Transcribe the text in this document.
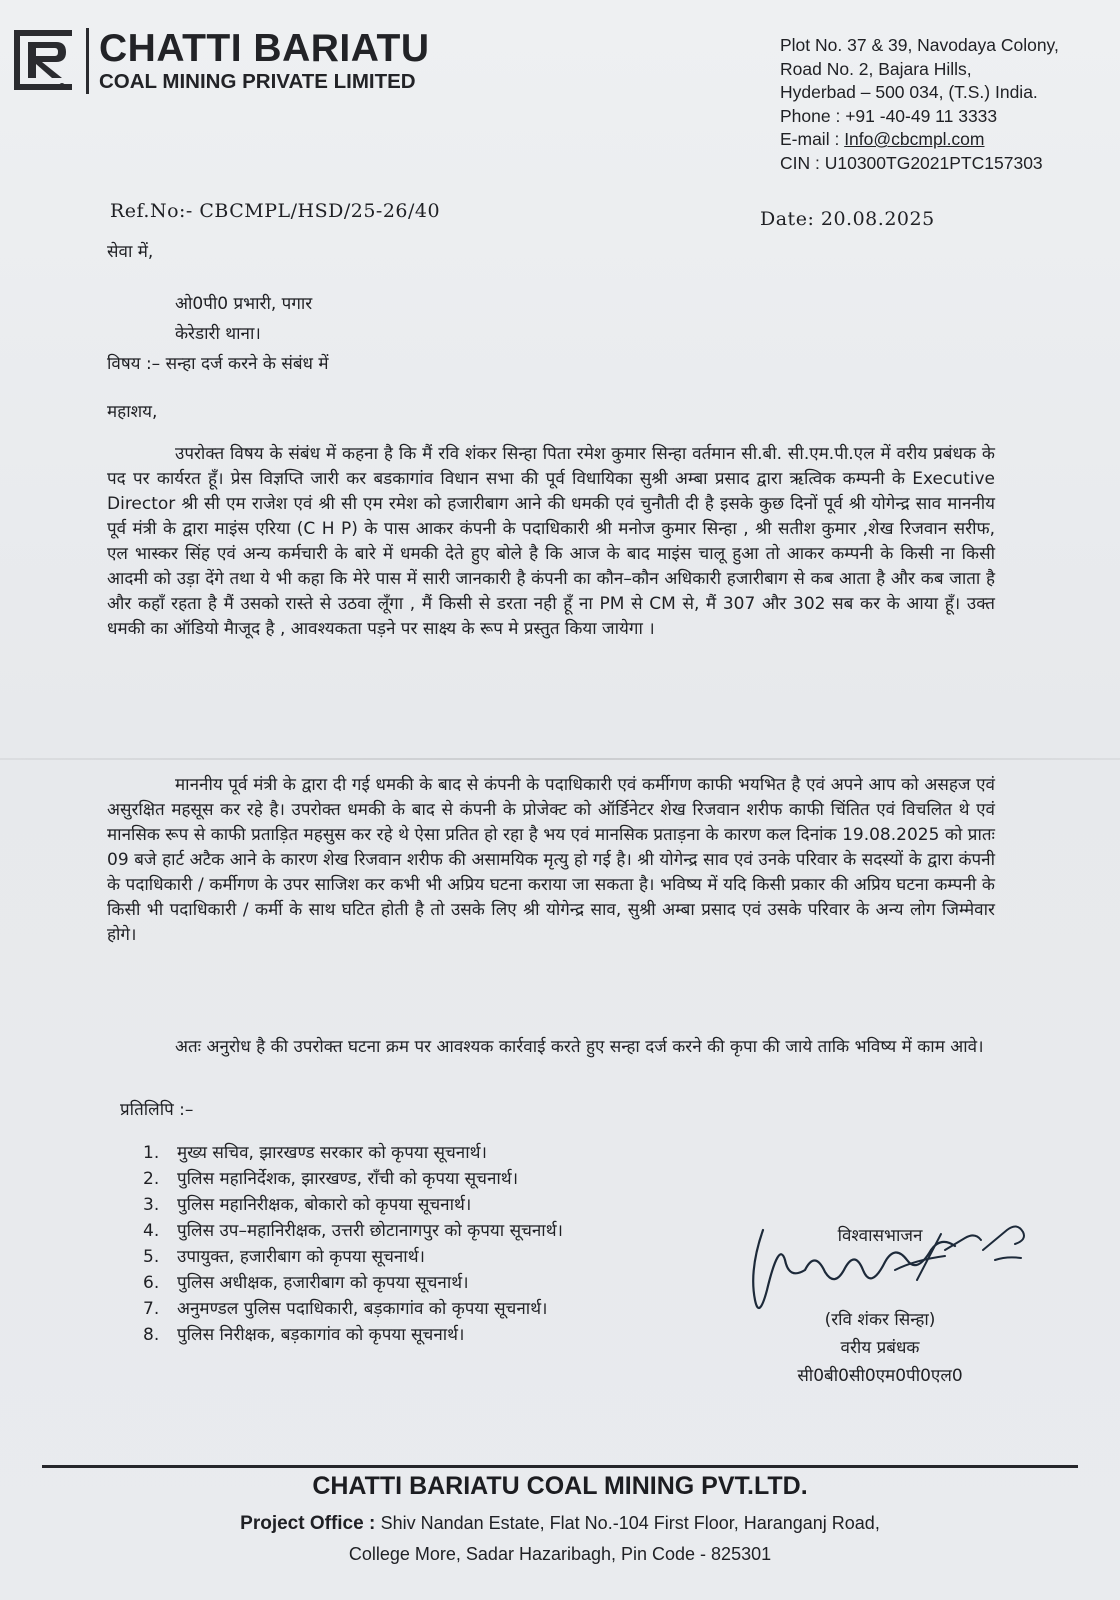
CHATTI BARIATU
COAL MINING PRIVATE LIMITED
Plot No. 37 & 39, Navodaya Colony,
Road No. 2, Bajara Hills,
Hyderbad – 500 034, (T.S.) India.
Phone : +91 -40-49 11 3333
E-mail : Info@cbcmpl.com
CIN : U10300TG2021PTC157303
Ref.No:- CBCMPL/HSD/25-26/40	Date: 20.08.2025
सेवा में,
ओ0पी0 प्रभारी, पगार
केरेडारी थाना।
विषय :– सन्हा दर्ज करने के संबंध में
महाशय,
उपरोक्त विषय के संबंध में कहना है कि मैं रवि शंकर सिन्हा पिता रमेश कुमार सिन्हा वर्तमान सी.बी. सी.एम.पी.एल में वरीय प्रबंधक के पद पर कार्यरत हूँ। प्रेस विज्ञप्ति जारी कर बडकागांव विधान सभा की पूर्व विधायिका सुश्री अम्बा प्रसाद द्वारा ऋत्विक कम्पनी के Executive Director श्री सी एम राजेश एवं श्री सी एम रमेश को हजारीबाग आने की धमकी एवं चुनौती दी है इसके कुछ दिनों पूर्व श्री योगेन्द्र साव माननीय पूर्व मंत्री के द्वारा माइंस एरिया (C H P) के पास आकर कंपनी के पदाधिकारी श्री मनोज कुमार सिन्हा , श्री सतीश कुमार ,शेख रिजवान सरीफ, एल भास्कर सिंह एवं अन्य कर्मचारी के बारे में धमकी देते हुए बोले है कि आज के बाद माइंस चालू हुआ तो आकर कम्पनी के किसी ना किसी आदमी को उड़ा देंगे तथा ये भी कहा कि मेरे पास में सारी जानकारी है कंपनी का कौन–कौन अधिकारी हजारीबाग से कब आता है और कब जाता है और कहाँ रहता है मैं उसको रास्ते से उठवा लूँगा , मैं किसी से डरता नही हूँ ना PM से CM से, मैं 307 और 302 सब कर के आया हूँ। उक्त धमकी का ऑडियो मैाजूद है , आवश्यकता पड़ने पर साक्ष्य के रूप मे प्रस्तुत किया जायेगा ।
माननीय पूर्व मंत्री के द्वारा दी गई धमकी के बाद से कंपनी के पदाधिकारी एवं कर्मीगण काफी भयभित है एवं अपने आप को असहज एवं असुरक्षित महसूस कर रहे है। उपरोक्त धमकी के बाद से कंपनी के प्रोजेक्ट को ऑर्डिनेटर शेख रिजवान शरीफ काफी चिंतित एवं विचलित थे एवं मानसिक रूप से काफी प्रताड़ित महसुस कर रहे थे ऐसा प्रतित हो रहा है भय एवं मानसिक प्रताड़ना के कारण कल दिनांक 19.08.2025 को प्रातः 09 बजे हार्ट अटैक आने के कारण शेख रिजवान शरीफ की असामयिक मृत्यु हो गई है। श्री योगेन्द्र साव एवं उनके परिवार के सदस्यों के द्वारा कंपनी के पदाधिकारी / कर्मीगण के उपर साजिश कर कभी भी अप्रिय घटना कराया जा सकता है। भविष्य में यदि किसी प्रकार की अप्रिय घटना कम्पनी के किसी भी पदाधिकारी / कर्मी के साथ घटित होती है तो उसके लिए श्री योगेन्द्र साव, सुश्री अम्बा प्रसाद एवं उसके परिवार के अन्य लोग जिम्मेवार होगे।
अतः अनुरोध है की उपरोक्त घटना क्रम पर आवश्यक कार्रवाई करते हुए सन्हा दर्ज करने की कृपा की जाये ताकि भविष्य में काम आवे।
प्रतिलिपि :–
1. मुख्य सचिव, झारखण्ड सरकार को कृपया सूचनार्थ।
2. पुलिस महानिर्देशक, झारखण्ड, राँची को कृपया सूचनार्थ।
3. पुलिस महानिरीक्षक, बोकारो को कृपया सूचनार्थ।
4. पुलिस उप–महानिरीक्षक, उत्तरी छोटानागपुर को कृपया सूचनार्थ।
5. उपायुक्त, हजारीबाग को कृपया सूचनार्थ।
6. पुलिस अधीक्षक, हजारीबाग को कृपया सूचनार्थ।
7. अनुमण्डल पुलिस पदाधिकारी, बड़कागांव को कृपया सूचनार्थ।
8. पुलिस निरीक्षक, बड़कागांव को कृपया सूचनार्थ।
विश्वासभाजन
(रवि शंकर सिन्हा)
वरीय प्रबंधक
सी0बी0सी0एम0पी0एल0
CHATTI BARIATU COAL MINING PVT.LTD.
Project Office : Shiv Nandan Estate, Flat No.-104 First Floor, Haranganj Road,
College More, Sadar Hazaribagh, Pin Code - 825301
